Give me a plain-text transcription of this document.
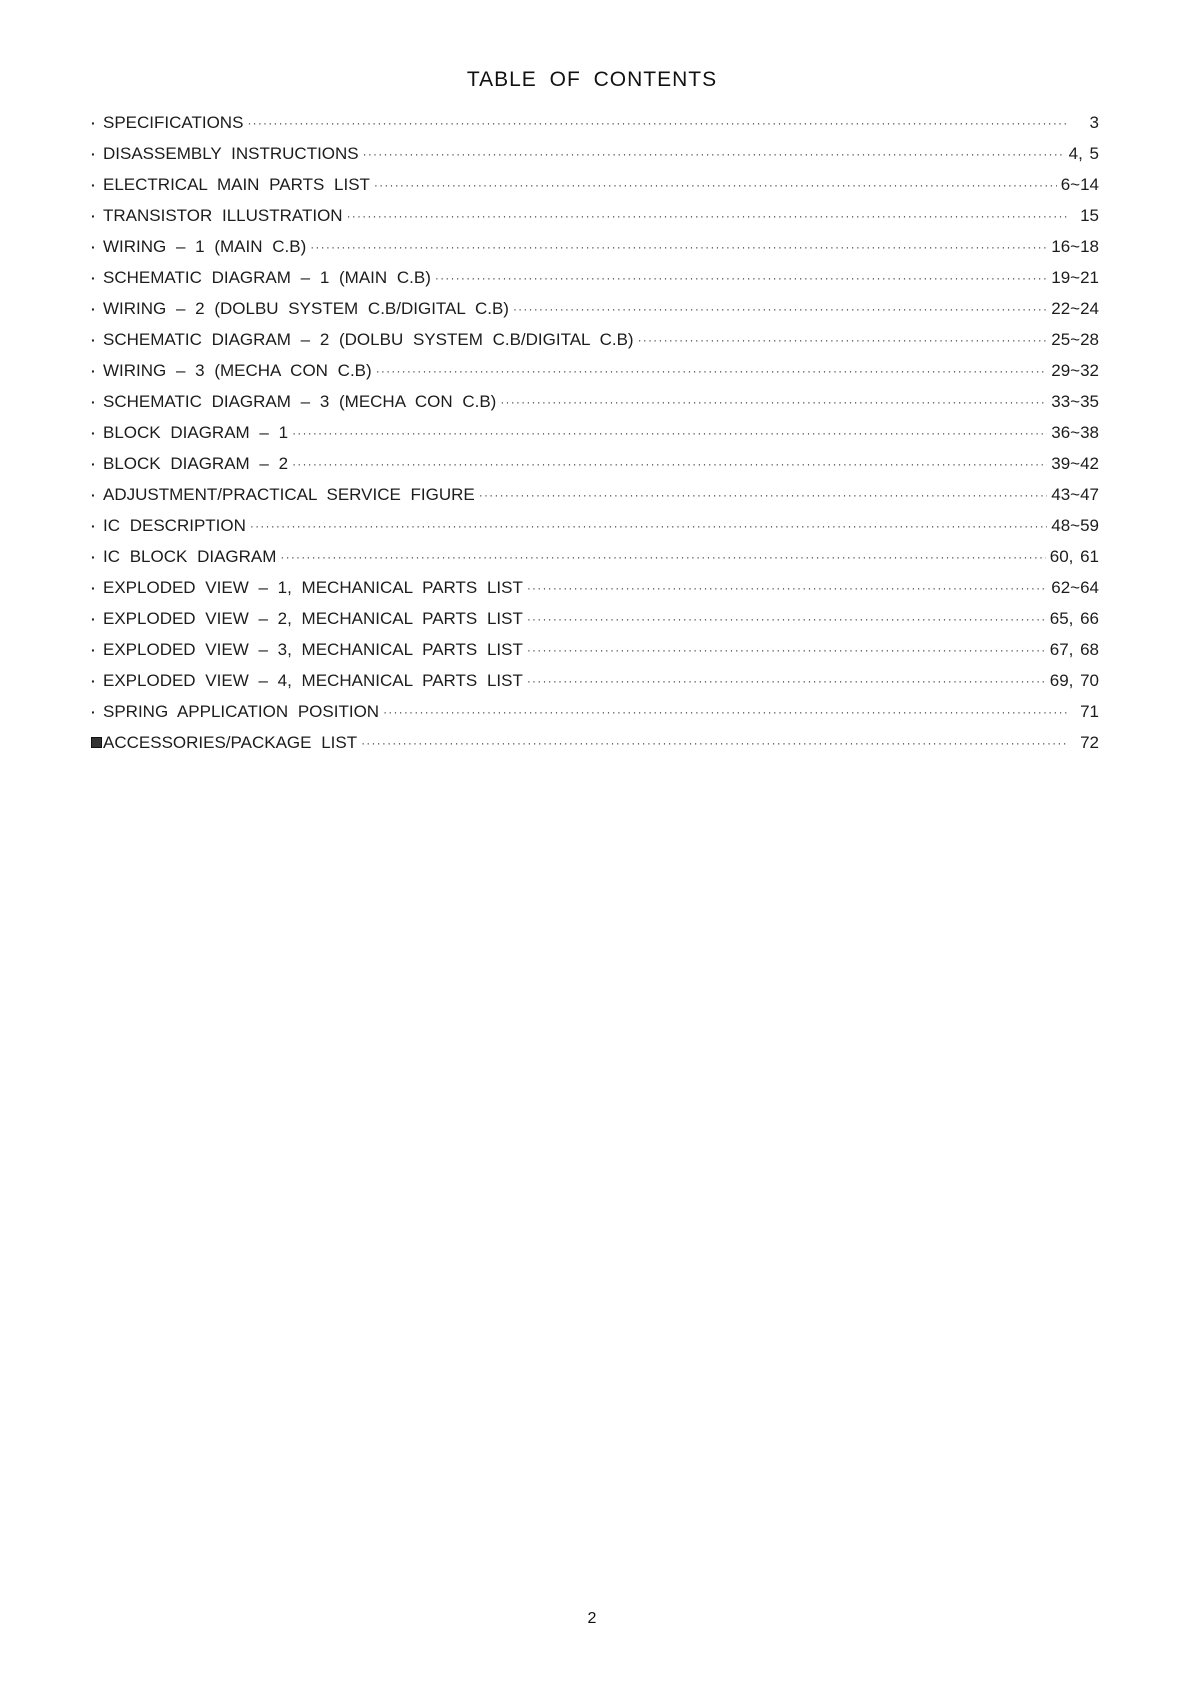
TABLE OF CONTENTS
· SPECIFICATIONS ·····	3
· DISASSEMBLY INSTRUCTIONS ·····	4, 5
· ELECTRICAL MAIN PARTS LIST ·····	6~14
· TRANSISTOR ILLUSTRATION ·····	15
· WIRING – 1 (MAIN C.B) ·····	16~18
· SCHEMATIC DIAGRAM – 1 (MAIN C.B) ·····	19~21
· WIRING – 2 (DOLBU SYSTEM C.B/DIGITAL C.B) ·····	22~24
· SCHEMATIC DIAGRAM – 2 (DOLBU SYSTEM C.B/DIGITAL C.B) ·····	25~28
· WIRING – 3 (MECHA CON C.B) ·····	29~32
· SCHEMATIC DIAGRAM – 3 (MECHA CON C.B) ·····	33~35
· BLOCK DIAGRAM – 1 ·····	36~38
· BLOCK DIAGRAM – 2 ·····	39~42
· ADJUSTMENT/PRACTICAL SERVICE FIGURE ·····	43~47
· IC DESCRIPTION ·····	48~59
· IC BLOCK DIAGRAM ·····	60, 61
· EXPLODED VIEW – 1, MECHANICAL PARTS LIST ·····	62~64
· EXPLODED VIEW – 2, MECHANICAL PARTS LIST ·····	65, 66
· EXPLODED VIEW – 3, MECHANICAL PARTS LIST ·····	67, 68
· EXPLODED VIEW – 4, MECHANICAL PARTS LIST ·····	69, 70
· SPRING APPLICATION POSITION ·····	71
ACCESSORIES/PACKAGE LIST ·····	72
2
